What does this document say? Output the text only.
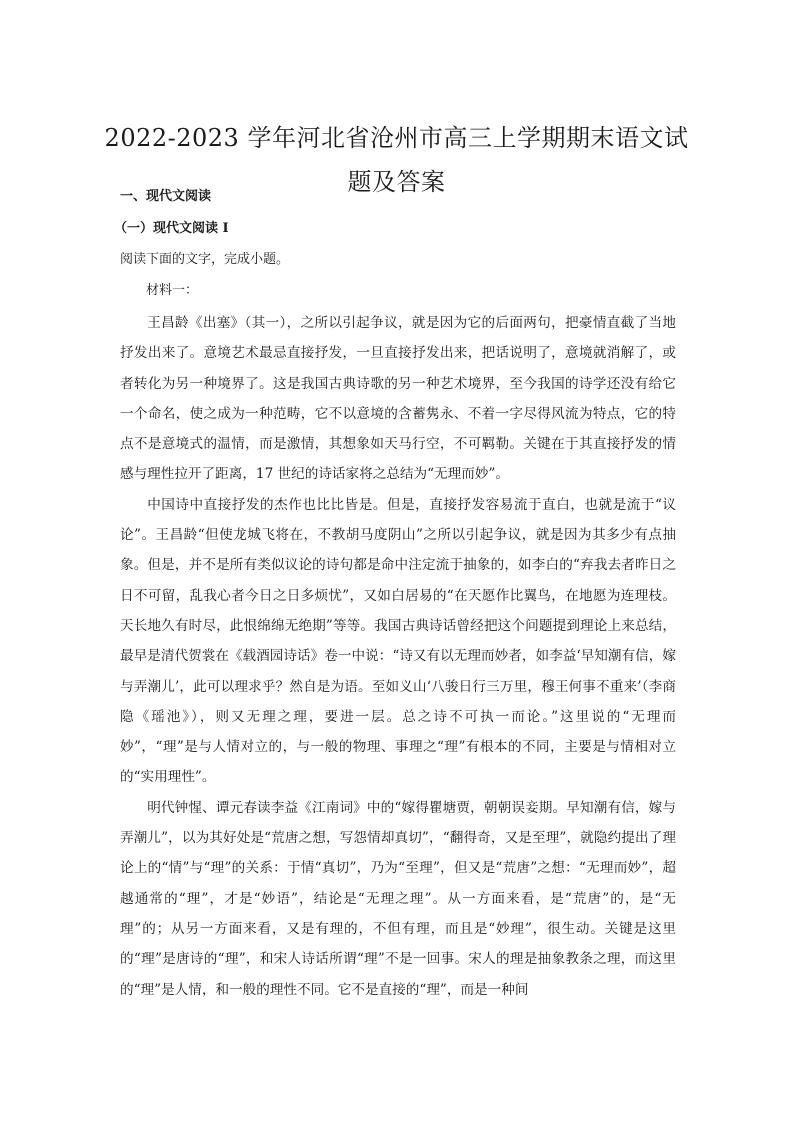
2022-2023 学年河北省沧州市高三上学期期末语文试题及答案
一、现代文阅读
（一）现代文阅读 I
阅读下面的文字，完成小题。
材料一：

王昌龄《出塞》（其一），之所以引起争议，就是因为它的后面两句，把豪情直截了当地抒发出来了。意境艺术最忌直接抒发，一旦直接抒发出来，把话说明了，意境就消解了，或者转化为另一种境界了。这是我国古典诗歌的另一种艺术境界，至今我国的诗学还没有给它一个命名，使之成为一种范畴，它不以意境的含蓄隽永、不着一字尽得风流为特点，它的特点不是意境式的温情，而是激情，其想象如天马行空，不可羁勒。关键在于其直接抒发的情感与理性拉开了距离，17 世纪的诗话家将之总结为“无理而妙”。

中国诗中直接抒发的杰作也比比皆是。但是，直接抒发容易流于直白，也就是流于“议论”。王昌龄“但使龙城飞将在，不教胡马度阴山”之所以引起争议，就是因为其多少有点抽象。但是，并不是所有类似议论的诗句都是命中注定流于抽象的，如李白的“弃我去者昨日之日不可留，乱我心者今日之日多烦忧”，又如白居易的“在天愿作比翼鸟，在地愿为连理枝。天长地久有时尽，此恨绵绵无绝期”等等。我国古典诗话曾经把这个问题提到理论上来总结，最早是清代贺裳在《载酒园诗话》卷一中说：“诗又有以无理而妙者，如李益‘早知潮有信，嫁与弄潮儿’，此可以理求乎？然自是为语。至如义山‘八骏日行三万里，穆王何事不重来’（李商隐《瑶池》），则又无理之理，要进一层。总之诗不可执一而论。”这里说的“无理而妙”，“理”是与人情对立的，与一般的物理、事理之“理”有根本的不同，主要是与情相对立的“实用理性”。

明代钟惺、谭元春读李益《江南词》中的“嫁得瞿塘贾，朝朝误妾期。早知潮有信，嫁与弄潮儿”，以为其好处是“荒唐之想，写怨情却真切”，“翻得奇，又是至理”，就隐约提出了理论上的“情”与“理”的关系：于情“真切”，乃为“至理”，但又是“荒唐”之想：“无理而妙”，超越通常的“理”，才是“妙语”，结论是“无理之理”。从一方面来看，是“荒唐”的，是“无理”的；从另一方面来看，又是有理的，不但有理，而且是“妙理”，很生动。关键是这里的“理”是唐诗的“理”，和宋人诗话所谓“理”不是一回事。宋人的理是抽象教条之理，而这里的“理”是人情，和一般的理性不同。它不是直接的“理”，而是一种间
